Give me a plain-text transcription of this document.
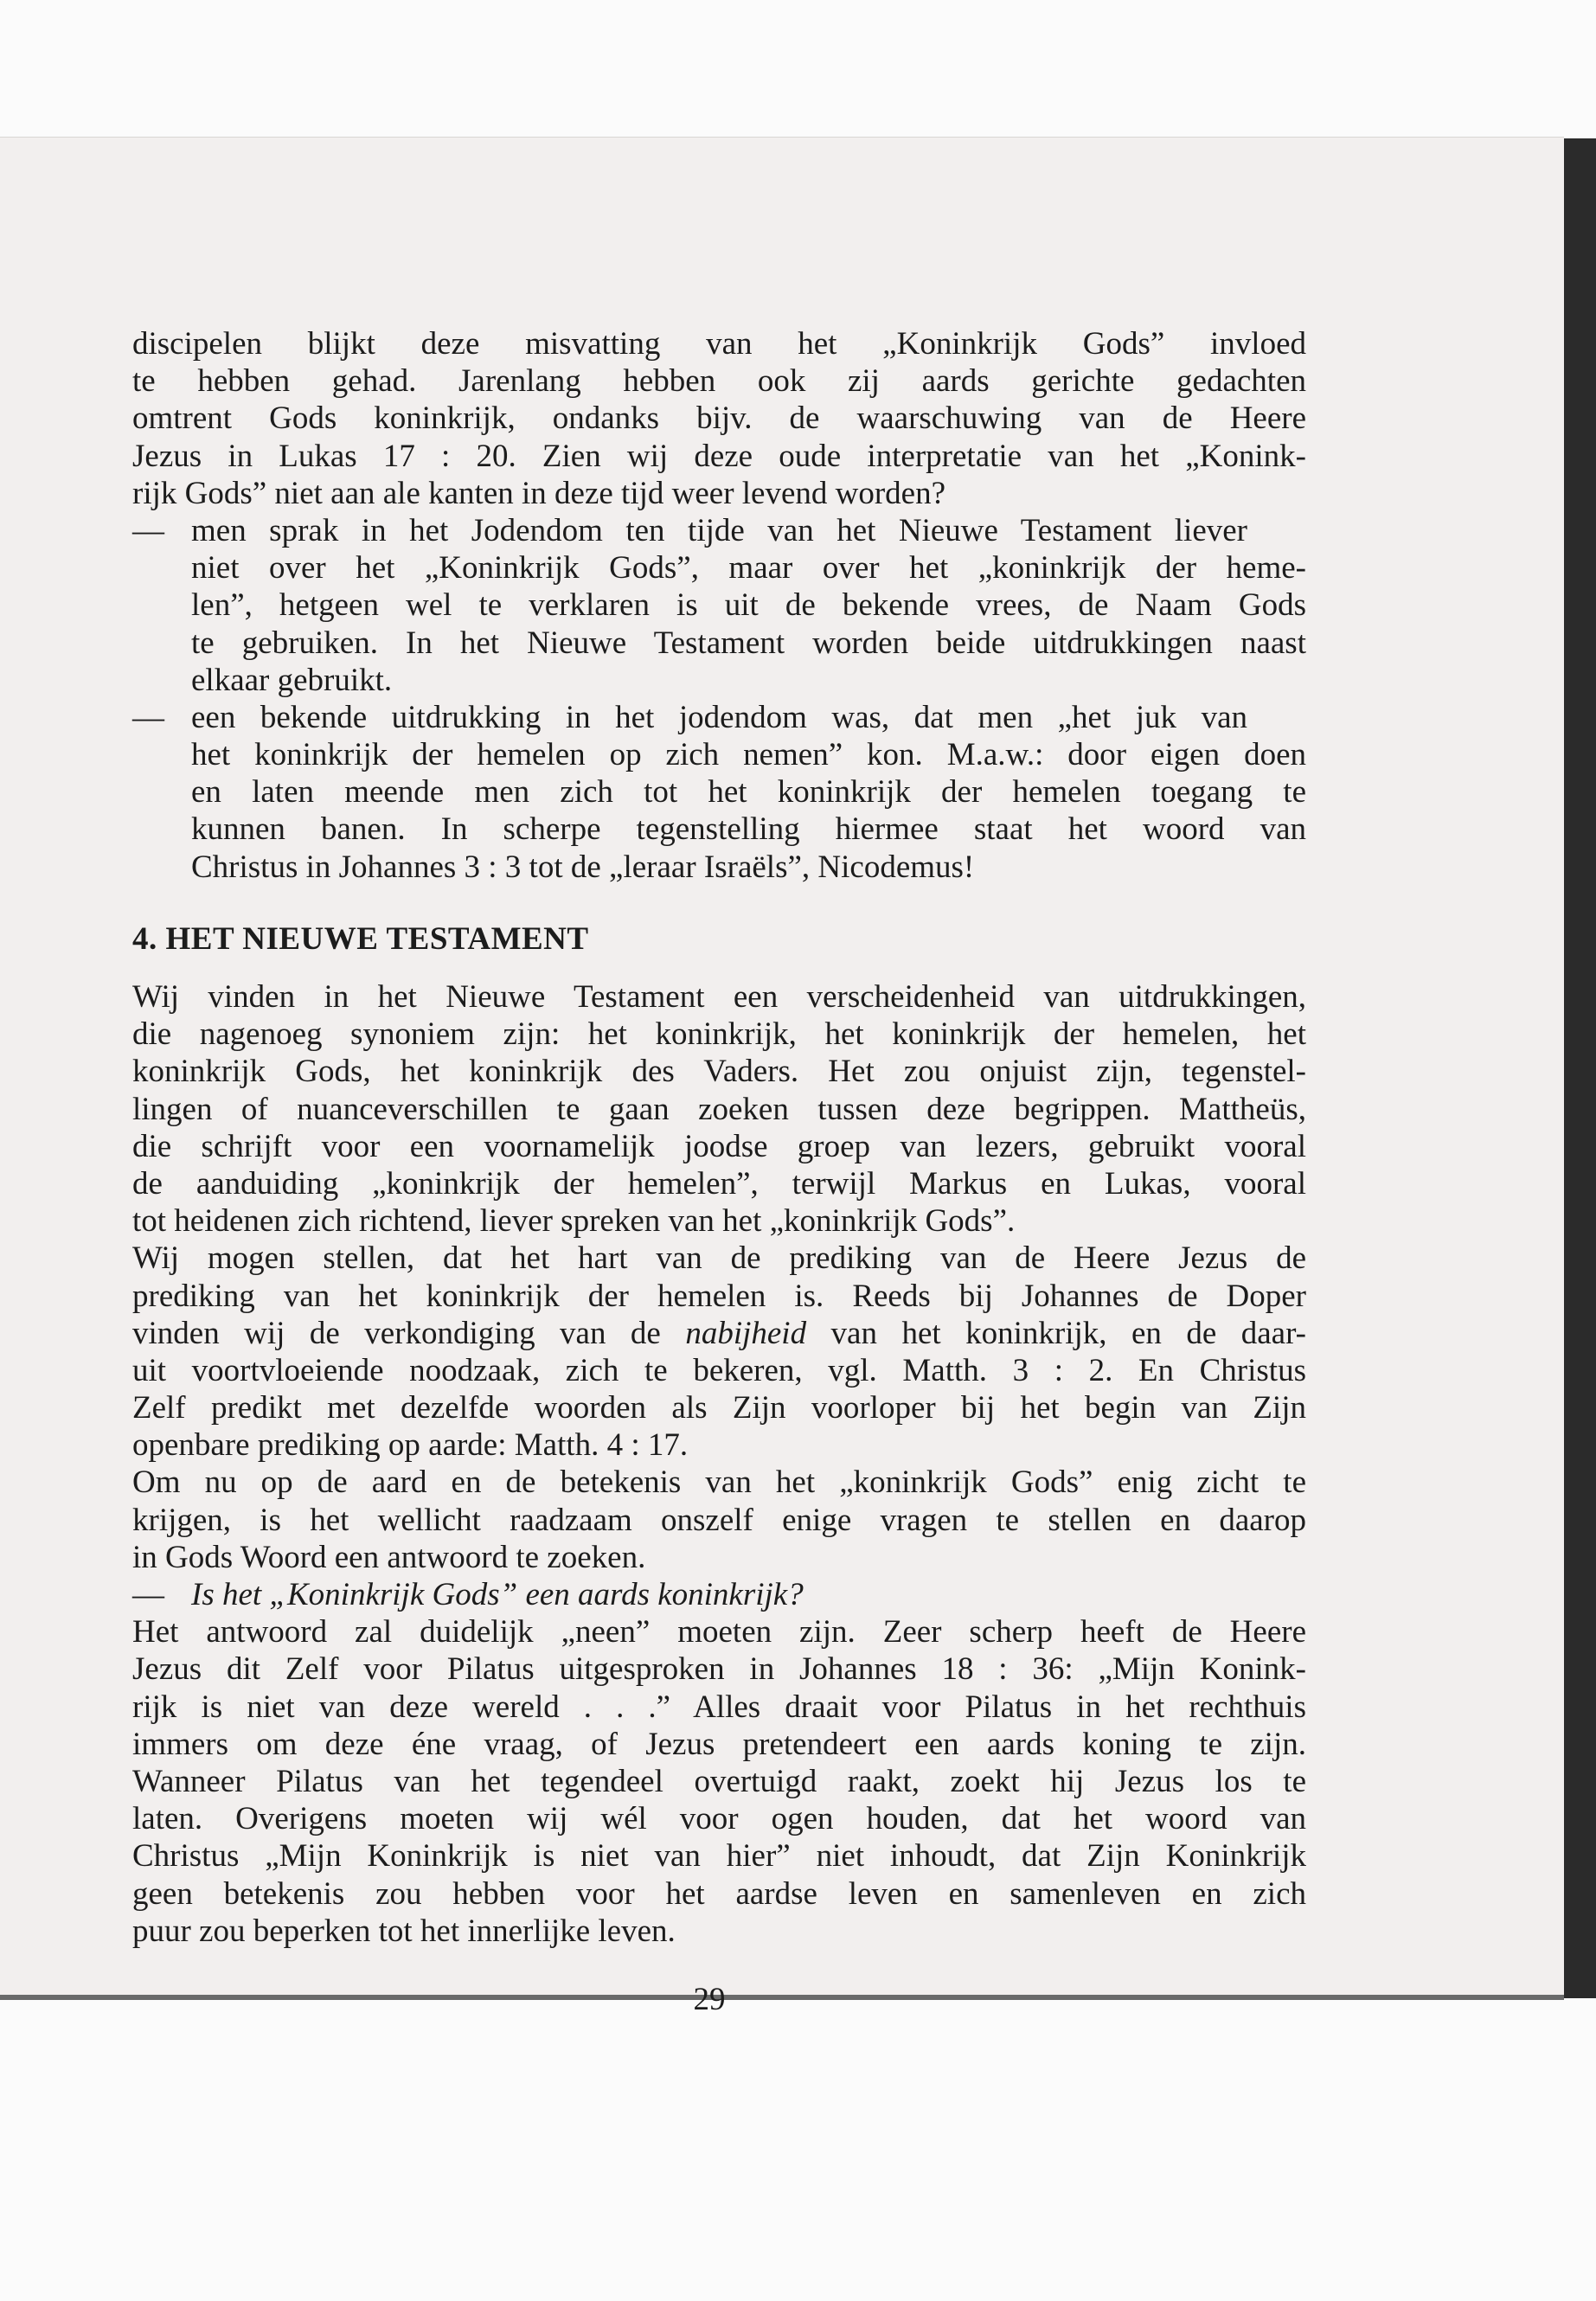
discipelen blijkt deze misvatting van het „Koninkrijk Gods” invloed
te hebben gehad. Jarenlang hebben ook zij aards gerichte gedachten
omtrent Gods koninkrijk, ondanks bijv. de waarschuwing van de Heere
Jezus in Lukas 17 : 20. Zien wij deze oude interpretatie van het „Konink-
rijk Gods” niet aan ale kanten in deze tijd weer levend worden?
— men sprak in het Jodendom ten tijde van het Nieuwe Testament liever
niet over het „Koninkrijk Gods”, maar over het „koninkrijk der heme-
len”, hetgeen wel te verklaren is uit de bekende vrees, de Naam Gods
te gebruiken. In het Nieuwe Testament worden beide uitdrukkingen naast
elkaar gebruikt.
— een bekende uitdrukking in het jodendom was, dat men „het juk van
het koninkrijk der hemelen op zich nemen” kon. M.a.w.: door eigen doen
en laten meende men zich tot het koninkrijk der hemelen toegang te
kunnen banen. In scherpe tegenstelling hiermee staat het woord van
Christus in Johannes 3 : 3 tot de „leraar Israëls”, Nicodemus!
4. HET NIEUWE TESTAMENT
Wij vinden in het Nieuwe Testament een verscheidenheid van uitdrukkingen,
die nagenoeg synoniem zijn: het koninkrijk, het koninkrijk der hemelen, het
koninkrijk Gods, het koninkrijk des Vaders. Het zou onjuist zijn, tegenstel-
lingen of nuanceverschillen te gaan zoeken tussen deze begrippen. Mattheüs,
die schrijft voor een voornamelijk joodse groep van lezers, gebruikt vooral
de aanduiding „koninkrijk der hemelen”, terwijl Markus en Lukas, vooral
tot heidenen zich richtend, liever spreken van het „koninkrijk Gods”.
Wij mogen stellen, dat het hart van de prediking van de Heere Jezus de
prediking van het koninkrijk der hemelen is. Reeds bij Johannes de Doper
vinden wij de verkondiging van de nabijheid van het koninkrijk, en de daar-
uit voortvloeiende noodzaak, zich te bekeren, vgl. Matth. 3 : 2. En Christus
Zelf predikt met dezelfde woorden als Zijn voorloper bij het begin van Zijn
openbare prediking op aarde: Matth. 4 : 17.
Om nu op de aard en de betekenis van het „koninkrijk Gods” enig zicht te
krijgen, is het wellicht raadzaam onszelf enige vragen te stellen en daarop
in Gods Woord een antwoord te zoeken.
— Is het „Koninkrijk Gods” een aards koninkrijk?
Het antwoord zal duidelijk „neen” moeten zijn. Zeer scherp heeft de Heere
Jezus dit Zelf voor Pilatus uitgesproken in Johannes 18 : 36: „Mijn Konink-
rijk is niet van deze wereld . . .” Alles draait voor Pilatus in het rechthuis
immers om deze éne vraag, of Jezus pretendeert een aards koning te zijn.
Wanneer Pilatus van het tegendeel overtuigd raakt, zoekt hij Jezus los te
laten. Overigens moeten wij wél voor ogen houden, dat het woord van
Christus „Mijn Koninkrijk is niet van hier” niet inhoudt, dat Zijn Koninkrijk
geen betekenis zou hebben voor het aardse leven en samenleven en zich
puur zou beperken tot het innerlijke leven.
29
